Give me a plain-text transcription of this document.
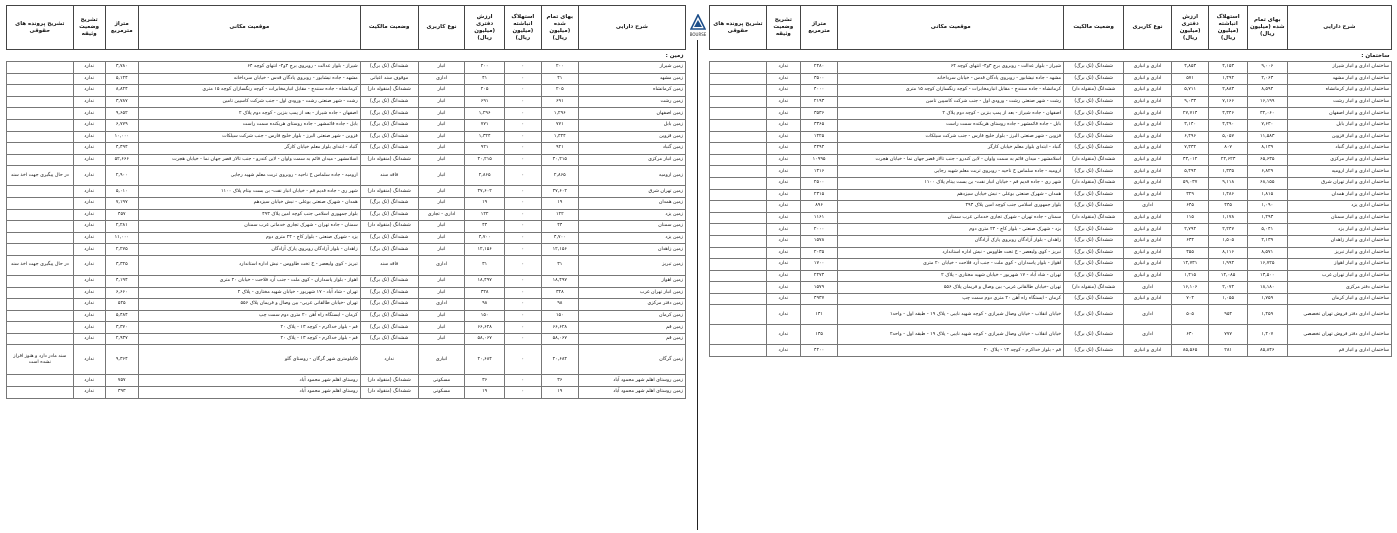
BOURSE
شرح دارایی	بهای تمام شده (میلیون ریال)	استهلاک انباشته (میلیون ریال)	ارزش دفتری (میلیون ریال)	نوع کاربری	وضعیت مالکیت	موقعیت مکانی	متراژ مترمربع	تشریح وضعیت وثیقه	تشریح پرونده های حقوقی
زمین :									
زمین شیراز	۲۰۰	۰	۲۰۰	انبار	ششدانگ (تک برگ)	شیراز - بلوار عدالت - روبروی برج ۳و۴- انتهای کوچه ۶۴	۳,۷۸۰	ندارد	
زمین مشهد	۴۱	۰	۴۱	اداری	موقوف سند اعیانی	مشهد - جاده نیشابور - روبروی پادگان قدس - خیابان سرداخانه	۵,۱۲۴	ندارد	
زمین کرمانشاه	۲۰۵	۰	۲۰۵	انبار	ششدانگ (منقوله دار)	کرمانشاه - جاده سنندج - مقابل انبارمخابرات - کوچه رنگسازان کوچه ۱۵ متری	۸,۸۲۴	ندارد	
زمین رشت	۶۹۱	۰	۶۹۱	انبار	ششدانگ (تک برگ)	رشت - شهر صنعتی رشت - ورودی اول - جنب شرکت کاسپین تامین	۳,۷۸۷	ندارد	
زمین اصفهان	۱,۲۹۶	۰	۱,۲۹۶	انبار	ششدانگ (تک برگ)	اصفهان - جاده شیراز - بعد از پمپ بنزین - کوچه دوم پلاک ۲	۹,۶۵۲	ندارد	
زمین بابل	۷۷۱	۰	۷۷۱	انبار	ششدانگ (تک برگ)	بابل - جاده قائمشهر - جاده روستای هریکنده سمت راست	۶,۷۷۹	ندارد	
زمین قزوین	۱,۳۲۴	۰	۱,۳۲۴	انبار	ششدانگ (تک برگ)	قزوین - شهر صنعتی البرز - بلوار خلیج فارس - جنب شرکت سیلکات	۱۰,۰۰۰	ندارد	
زمین گنباد	۹۲۱	۰	۹۲۱	انبار	ششدانگ (تک برگ)	گنباد - ابتدای بلوار معلم خیابان کارگر	۴,۴۹۴	ندارد	
زمین انبار مرکزی	۴۰,۲۱۵	۰	۴۰,۲۱۵	انبار	ششدانگ (منقوله دار)	اسلامشهر - میدان قائم به سمت واوان - لاین کندرو - جنب تالار قصر جهان نما - خیابان هجرت	۵۲,۶۶۶	ندارد	
زمین ارومیه	۲,۸۶۵	۰	۲,۸۶۵	انبار	فاقد سند	ارومیه - جاده سلماس خ ناحیه - روبروی تربت معلم شهید رجایی	۲,۹۰۰	ندارد	در حال پیگیری جهت اخذ سند
زمین تهران شرق	۴۷,۶۰۲	۰	۴۷,۶۰۲	انبار	ششدانگ (منقوله دار)	شهر ری - جاده قدیم قم - خیابان انبار نفت- بن بست بیتام پلاک ۱۱۰۰	۵,۰۱۰	ندارد	
زمین همدان	۱۹	۰	۱۹	انبار	ششدانگ (تک برگ)	همدان - شهرک صنعتی بوعلی - نبش خیابان سیزدهم	۷,۱۹۷	ندارد	
زمین یزد	۱۲۲	۰	۱۲۲	اداری - تجاری	ششدانگ (تک برگ)	بلوار جمهوری اسلامی جنب کوچه امین پلاک ۴۹۳	۴۵۷	ندارد	
زمین سمنان	۴۴	۰	۴۴	انبار	ششدانگ (منقوله دار)	سمنان - جاده تهران - شهرک تجاری خدماتی غرب سمنان	۲,۲۸۱	ندارد	
زمین یزد	۴,۷۰۰	۰	۴,۷۰۰	انبار	ششدانگ (تک برگ)	یزد - شهرک صنعتی - بلوار کاج - ۲۴ متری دوم	۱۱,۰۰۰	ندارد	
زمین زاهدان	۱۲,۱۵۶	۰	۱۲,۱۵۶	انبار	ششدانگ (تک برگ)	زاهدان - بلوار آزادگان روبروی پارک آزادگان	۲,۲۷۵	ندارد	
زمین تبریز	۳۱	۰	۳۱	اداری	فاقد سند	تبریز - کوی ولیعصر - خ تخت طاووس - نبش اداره استاندارد	۳,۳۲۵	ندارد	در حال پیگیری جهت اخذ سند
زمین اهواز	۱۸,۴۹۷	۰	۱۸,۴۹۷	انبار	ششدانگ (تک برگ)	اهواز - بلوار پاسداران - کوی ملت - جنب آرد فلاحت - خیابان ۲۰ متری	۴,۱۹۴	ندارد	
زمین انبار تهران غرب	۳۲۸	۰	۳۲۸	انبار	ششدانگ (تک برگ)	تهران - شاد آباد - ۱۷ شهریور - خیابان شهید مختاری - پلاک ۲	۶,۶۶۰	ندارد	
زمین دفتر مرکزی	۹۸	۰	۹۸	اداری	ششدانگ (تک برگ)	تهران -خیابان طالقانی غربی- بین وصال و فریمان پلاک ۵۵۶	۵۲۵	ندارد	
زمین کرمان	۱۵۰	۰	۱۵۰	انبار	ششدانگ (تک برگ)	کرمان - ایستگاه راه آهن ۲۰ متری دوم سمت چپ	۵,۴۸۴	ندارد	
زمین قم	۶۶,۶۲۸	۰	۶۶,۶۲۸	انبار	ششدانگ (تک برگ)	قم - بلوار خداکرم - کوچه ۱۳ - پلاک ۲۰	۳,۳۷۰	ندارد	
زمین قم	۵۸,۰۶۷	۰	۵۸,۰۶۷	انبار	ششدانگ (تک برگ)	قم - بلوار خداکرم - کوچه ۱۳ - پلاک ۲۰	۲,۹۳۷	ندارد	
زمین گرگان	۲۰,۶۸۴	۰	۲۰,۶۸۴	انباری	ندارد	۵کیلومتری شهر گرگان - روستای گلو	۹,۳۶۴	ندارد	سند مادر دارد و هنوز افراز نشده است
زمین روستای اهلم شهر محمود آباد	۳۶	۰	۳۶	مسکونی	ششدانگ (منقوله دار)	روستای اهلم شهر محمود آباد	۷۵۷	ندارد	
زمین روستای اهلم شهر محمود آباد	۱۹	۰	۱۹	مسکونی	ششدانگ (منقوله دار)	روستای اهلم شهر محمود آباد	۳۹۳	ندارد	
شرح دارایی	بهای تمام شده (میلیون ریال)	استهلاک انباشته (میلیون ریال)	ارزش دفتری (میلیون ریال)	نوع کاربری	وضعیت مالکیت	موقعیت مکانی	متراژ مترمربع	تشریح وضعیت وثیقه	تشریح پرونده های حقوقی
ساختمان :									
ساختمان اداری و انبار شیراز	۹,۰۰۶	۴,۱۵۳	۴,۸۵۳	اداری و انباری	ششدانگ (تک برگ)	شیراز - بلوار عدالت - روبروی برج ۳و۴- انتهای کوچه ۶۴	۲۴۸۰	ندارد	
ساختمان اداری و انبار مشهد	۲,۰۶۳	۱,۴۹۲	۵۷۱	اداری و انباری	ششدانگ (تک برگ)	مشهد - جاده نیشابور - روبروی پادگان قدس - خیابان سرداخانه	۳۵۰۰	ندارد	
ساختمان اداری و انبار کرمانشاه	۸,۵۹۴	۲,۸۸۳	۵,۷۱۱	اداری و انباری	ششدانگ (منقوله دار)	کرمانشاه - جاده سنندج - مقابل انبارمخابرات - کوچه رنگسازان کوچه ۱۵ متری	۴۰۰۰	ندارد	
ساختمان اداری و انبار رشت	۱۶,۱۹۹	۷,۱۶۶	۹,۰۳۳	اداری و انباری	ششدانگ (تک برگ)	رشت - شهر صنعتی رشت - ورودی اول - جنب شرکت کاسپین تامین	۲۱۹۳	ندارد	
ساختمان اداری و انبار اصفهان	۳۲,۰۶۰	۴,۳۴۶	۲۷,۷۱۴	اداری و انباری	ششدانگ (تک برگ)	اصفهان - جاده شیراز - بعد از پمپ بنزین - کوچه دوم پلاک ۲	۳۵۳۶	ندارد	
ساختمان اداری و انبار بابل	۷,۶۳۰	۴,۴۹۰	۳,۱۴۰	اداری و انباری	ششدانگ (تک برگ)	بابل - جاده قائمشهر - جاده روستای هریکنده سمت راست	۳۳۶۵	ندارد	
ساختمان اداری و انبار قزوین	۱۱,۵۸۳	۵,۰۵۷	۶,۴۹۶	اداری و انباری	ششدانگ (تک برگ)	قزوین - شهر صنعتی البرز - بلوار خلیج فارس - جنب شرکت سیلکات	۱۲۲۵	ندارد	
ساختمان اداری و انبار گنباد	۸,۱۳۹	۸۰۷	۷,۳۳۲	اداری و انباری	ششدانگ (تک برگ)	گنباد - ابتدای بلوار معلم خیابان کارگر	۴۴۹۴	ندارد	
ساختمان اداری و انبار مرکزی	۶۵,۶۳۵	۲۲,۶۲۳	۴۳,۰۱۲	اداری و انباری	ششدانگ (منقوله دار)	اسلامشهر - میدان قائم به سمت واوان - لاین کندرو - جنب تالار قصر جهان نما - خیابان هجرت	۱۰۹۹۵	ندارد	
ساختمان اداری و انبار ارومیه	۶,۸۲۹	۱,۳۳۵	۵,۴۹۴	اداری و انباری	ششدانگ (تک برگ)	ارومیه - جاده سلماس خ ناحیه - روبروی تربت معلم شهید رجایی	۱۴۱۶	ندارد	
ساختمان اداری و انبار تهران شرق	۶۸,۱۵۵	۹,۱۱۸	۵۹,۰۳۷	اداری و انباری	ششدانگ (منقوله دار)	شهر ری - جاده قدیم قم - خیابان انبار نفت- بن بست بیتام پلاک ۱۱۰۰	۲۵۰۰	ندارد	
ساختمان اداری و انبار همدان	۱,۸۱۵	۱,۴۸۶	۳۲۹	اداری و انباری	ششدانگ (تک برگ)	همدان - شهرک صنعتی بوعلی - نبش خیابان سیزدهم	۲۳۱۵	ندارد	
ساختمان اداری یزد	۱,۰۹۰	۴۴۵	۶۴۵	اداری	ششدانگ (تک برگ)	بلوار جمهوری اسلامی جنب کوچه امین پلاک ۴۹۳	۸۹۶	ندارد	
ساختمان اداری و انبار سمنان	۱,۲۹۳	۱,۱۷۸	۱۱۵	اداری و انباری	ششدانگ (منقوله دار)	سمنان - جاده تهران - شهرک تجاری خدماتی غرب سمنان	۱۱۶۱	ندارد	
ساختمان اداری و انبار یزد	۵,۰۴۱	۲,۲۴۷	۲,۷۹۴	اداری و انباری	ششدانگ (تک برگ)	یزد - شهرک صنعتی - بلوار کاج - ۲۴ متری دوم	۲۰۰۰	ندارد	
ساختمان اداری و انبار زاهدان	۲,۱۳۹	۱,۵۰۵	۶۳۴	اداری و انباری	ششدانگ (تک برگ)	زاهدان - بلوار آزادگان روبروی پارک آزادگان	۱۵۷۸	ندارد	
ساختمان اداری و انبار تبریز	۸,۵۷۱	۸,۱۱۶	۴۵۵	اداری و انباری	ششدانگ (تک برگ)	تبریز - کوی ولیعصر - خ تخت طاووس - نبش اداره استاندارد	۲۰۳۵	ندارد	
ساختمان اداری و انبار اهواز	۱۶,۷۲۵	۱,۹۹۴	۱۴,۷۳۱	اداری و انباری	ششدانگ (تک برگ)	اهواز - بلوار پاسداران - کوی ملت - جنب آرد فلاحت - خیابان ۲۰ متری	۱۷۰۰	ندارد	
ساختمان اداری و انبار تهران غرب	۱۳,۵۰۰	۱۲,۰۸۵	۱,۴۱۵	اداری و انباری	ششدانگ (تک برگ)	تهران - شاد آباد - ۱۷ شهریور - خیابان شهید مختاری - پلاک ۲	۲۲۷۴	ندارد	
ساختمان دفتر مرکزی	۱۸,۱۸۰	۲,۰۷۴	۱۶,۱۰۶	اداری	ششدانگ (منقوله دار)	تهران -خیابان طالقانی غربی- بین وصال و فریمان پلاک ۵۵۶	۱۵۷۹	ندارد	
ساختمان اداری و انبار کرمان	۱,۷۵۹	۱,۰۵۵	۷۰۴	اداری و انباری	ششدانگ (تک برگ)	کرمان - ایستگاه راه آهن ۲۰ متری دوم سمت چپ	۴۹۳۷	ندارد	
ساختمان اداری دفتر فروش تهران تخصصی	۱,۴۵۹	۹۵۴	۵۰۵	اداری	ششدانگ (تک برگ)	خیابان انقلاب - خیابان وصال شیرازی - کوچه شهید نایبی - پلاک ۱۹ - طبقه اول - واحد۱	۱۳۱	ندارد	
ساختمان اداری دفتر فروش تهران تخصصی	۱,۴۰۷	۷۷۷	۶۳۰	اداری	ششدانگ (تک برگ)	خیابان انقلاب - خیابان وصال شیرازی - کوچه شهید نایبی - پلاک ۱۹ - طبقه اول - واحد۲	۱۳۵	ندارد	
ساختمان اداری و انبار قم	۸۵,۸۴۶	۲۸۱	۸۵,۵۶۵	اداری و انباری	ششدانگ (تک برگ)	قم - بلوار خداکرم - کوچه ۱۳ - پلاک ۲۰	۴۲۰۰	ندارد	
